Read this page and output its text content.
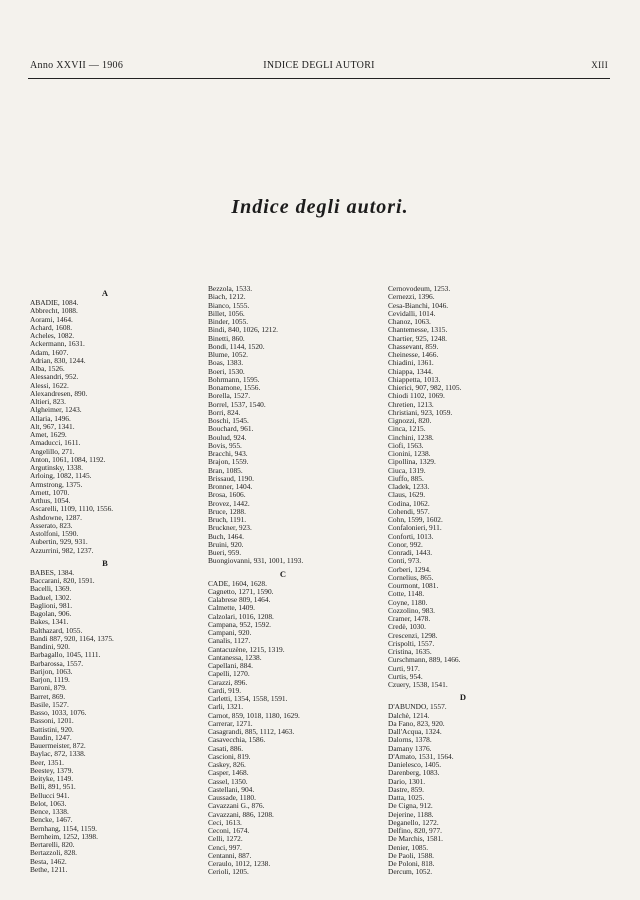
Anno XXVII — 1906	INDICE DEGLI AUTORI	XIII
Indice degli autori.
A
ABADIE, 1084.
Abbrecht, 1088.
Aorami, 1464.
Achard, 1608.
Acheles, 1082.
Ackermann, 1631.
Adam, 1607.
Adrian, 830, 1244.
Alba, 1526.
Alessandri, 952.
Alessi, 1622.
Alexandresen, 890.
Altieri, 823.
Algheimer, 1243.
Allaria, 1496.
Alt, 967, 1341.
Amet, 1629.
Amaducci, 1611.
Angelillo, 271.
Anton, 1061, 1084, 1192.
Argutinsky, 1338.
Arloing, 1082, 1145.
Armstrong, 1375.
Arnett, 1070.
Arthus, 1054.
Ascarelli, 1109, 1110, 1556.
Ashdowne, 1287.
Asserato, 823.
Astolfoni, 1590.
Aubertin, 929, 931.
Azzurrini, 982, 1237.
B
BABES, 1384.
Baccarani, 820, 1591.
Bacelli, 1369.
Baduel, 1302.
Baglioni, 981.
Bagolan, 906.
Bakes, 1341.
Balthazard, 1055.
Bandi 887, 920, 1164, 1375.
Bandini, 920.
Barbagallo, 1045, 1111.
Barbarossa, 1557.
Barijon, 1063.
Barjon, 1119.
Baroni, 879.
Barret, 869.
Basile, 1527.
Basso, 1033, 1076.
Bassoni, 1201.
Battistini, 920.
Baudin, 1247.
Bauermeister, 872.
Baylac, 872, 1338.
Beer, 1351.
Beestey, 1379.
Beityke, 1149.
Belli, 891, 951.
Bellucci 941.
Belot, 1063.
Bence, 1338.
Bencke, 1467.
Bernhang, 1154, 1159.
Bernheim, 1252, 1398.
Bertarelli, 820.
Bertazzoli, 828.
Besta, 1462.
Bethe, 1211.
Bezzola, 1533.
Biach, 1212.
Bianco, 1555.
Billet, 1056.
Binder, 1055.
Bindi, 840, 1026, 1212.
Binetti, 860.
Bondi, 1144, 1520.
Blume, 1052.
Boas, 1383.
Boeri, 1530.
Bohrmann, 1595.
Bonamone, 1556.
Borella, 1527.
Borrel, 1537, 1540.
Borri, 824.
Boschi, 1545.
Bouchard, 961.
Boulud, 924.
Bovis, 955.
Bracchi, 943.
Brajon, 1559.
Bran, 1085.
Brissaud, 1190.
Bronner, 1404.
Brosa, 1606.
Brovez, 1442.
Bruce, 1288.
Bruch, 1191.
Bruckner, 923.
Buch, 1464.
Bruini, 920.
Bueri, 959.
Buongiovanni, 931, 1001, 1193.
C
CADE, 1604, 1628.
Cagnetto, 1271, 1590.
Calabrese 809, 1464.
Calmette, 1409.
Calzolari, 1016, 1208.
Campana, 952, 1592.
Campani, 920.
Canalis, 1127.
Cantacuzène, 1215, 1319.
Cantanessa, 1238.
Capellani, 884.
Capelli, 1270.
Carazzi, 896.
Cardi, 919.
Carletti, 1354, 1558, 1591.
Carli, 1321.
Carnot, 859, 1018, 1180, 1629.
Carrerar, 1271.
Casagrandi, 885, 1112, 1463.
Casavecchia, 1586.
Casati, 886.
Cascioni, 819.
Caskey, 826.
Casper, 1468.
Cassel, 1350.
Castellani, 904.
Caussade, 1180.
Cavazzani G., 876.
Cavazzani, 886, 1208.
Ceci, 1613.
Ceconi, 1674.
Celli, 1272.
Cenci, 997.
Centanni, 887.
Ceraulo, 1012, 1238.
Cerioli, 1205.
Cernovodeum, 1253.
Cernezzi, 1396.
Cesa-Bianchi, 1046.
Cevidalli, 1014.
Chanoz, 1063.
Chantemesse, 1315.
Chartier, 925, 1248.
Chassevant, 859.
Cheinesse, 1466.
Chiadini, 1361.
Chiappa, 1344.
Chiappetta, 1013.
Chierici, 907, 982, 1105.
Chiodi 1102, 1069.
Chretien, 1213.
Christiani, 923, 1059.
Cignozzi, 820.
Cinca, 1215.
Cinchini, 1238.
Ciofi, 1563.
Cionini, 1238.
Cipollina, 1329.
Ciuca, 1319.
Ciuffo, 885.
Cladek, 1233.
Claus, 1629.
Codina, 1062.
Cohendi, 957.
Cohn, 1599, 1602.
Confalonieri, 911.
Conforti, 1013.
Conor, 992.
Conradi, 1443.
Conti, 973.
Corberi, 1294.
Cornelius, 865.
Courmont, 1081.
Cotte, 1148.
Coyne, 1180.
Cozzolino, 983.
Cramer, 1478.
Credè, 1030.
Crescenzi, 1298.
Crispolti, 1557.
Cristina, 1635.
Curschmann, 889, 1466.
Curti, 917.
Curtis, 954.
Czuery, 1538, 1541.
D
D'ABUNDO, 1557.
Dalchè, 1214.
Da Fano, 823, 920.
Dall'Acqua, 1324.
Dalorns, 1378.
Damany 1376.
D'Amato, 1531, 1564.
Danielesco, 1405.
Darenberg, 1083.
Dario, 1301.
Dastre, 859.
Datta, 1025.
De Cigna, 912.
Dejerine, 1188.
Deganello, 1272.
Delfino, 820, 977.
De Marchis, 1581.
Denier, 1085.
De Paoli, 1588.
De Poloni, 818.
Dercum, 1052.
